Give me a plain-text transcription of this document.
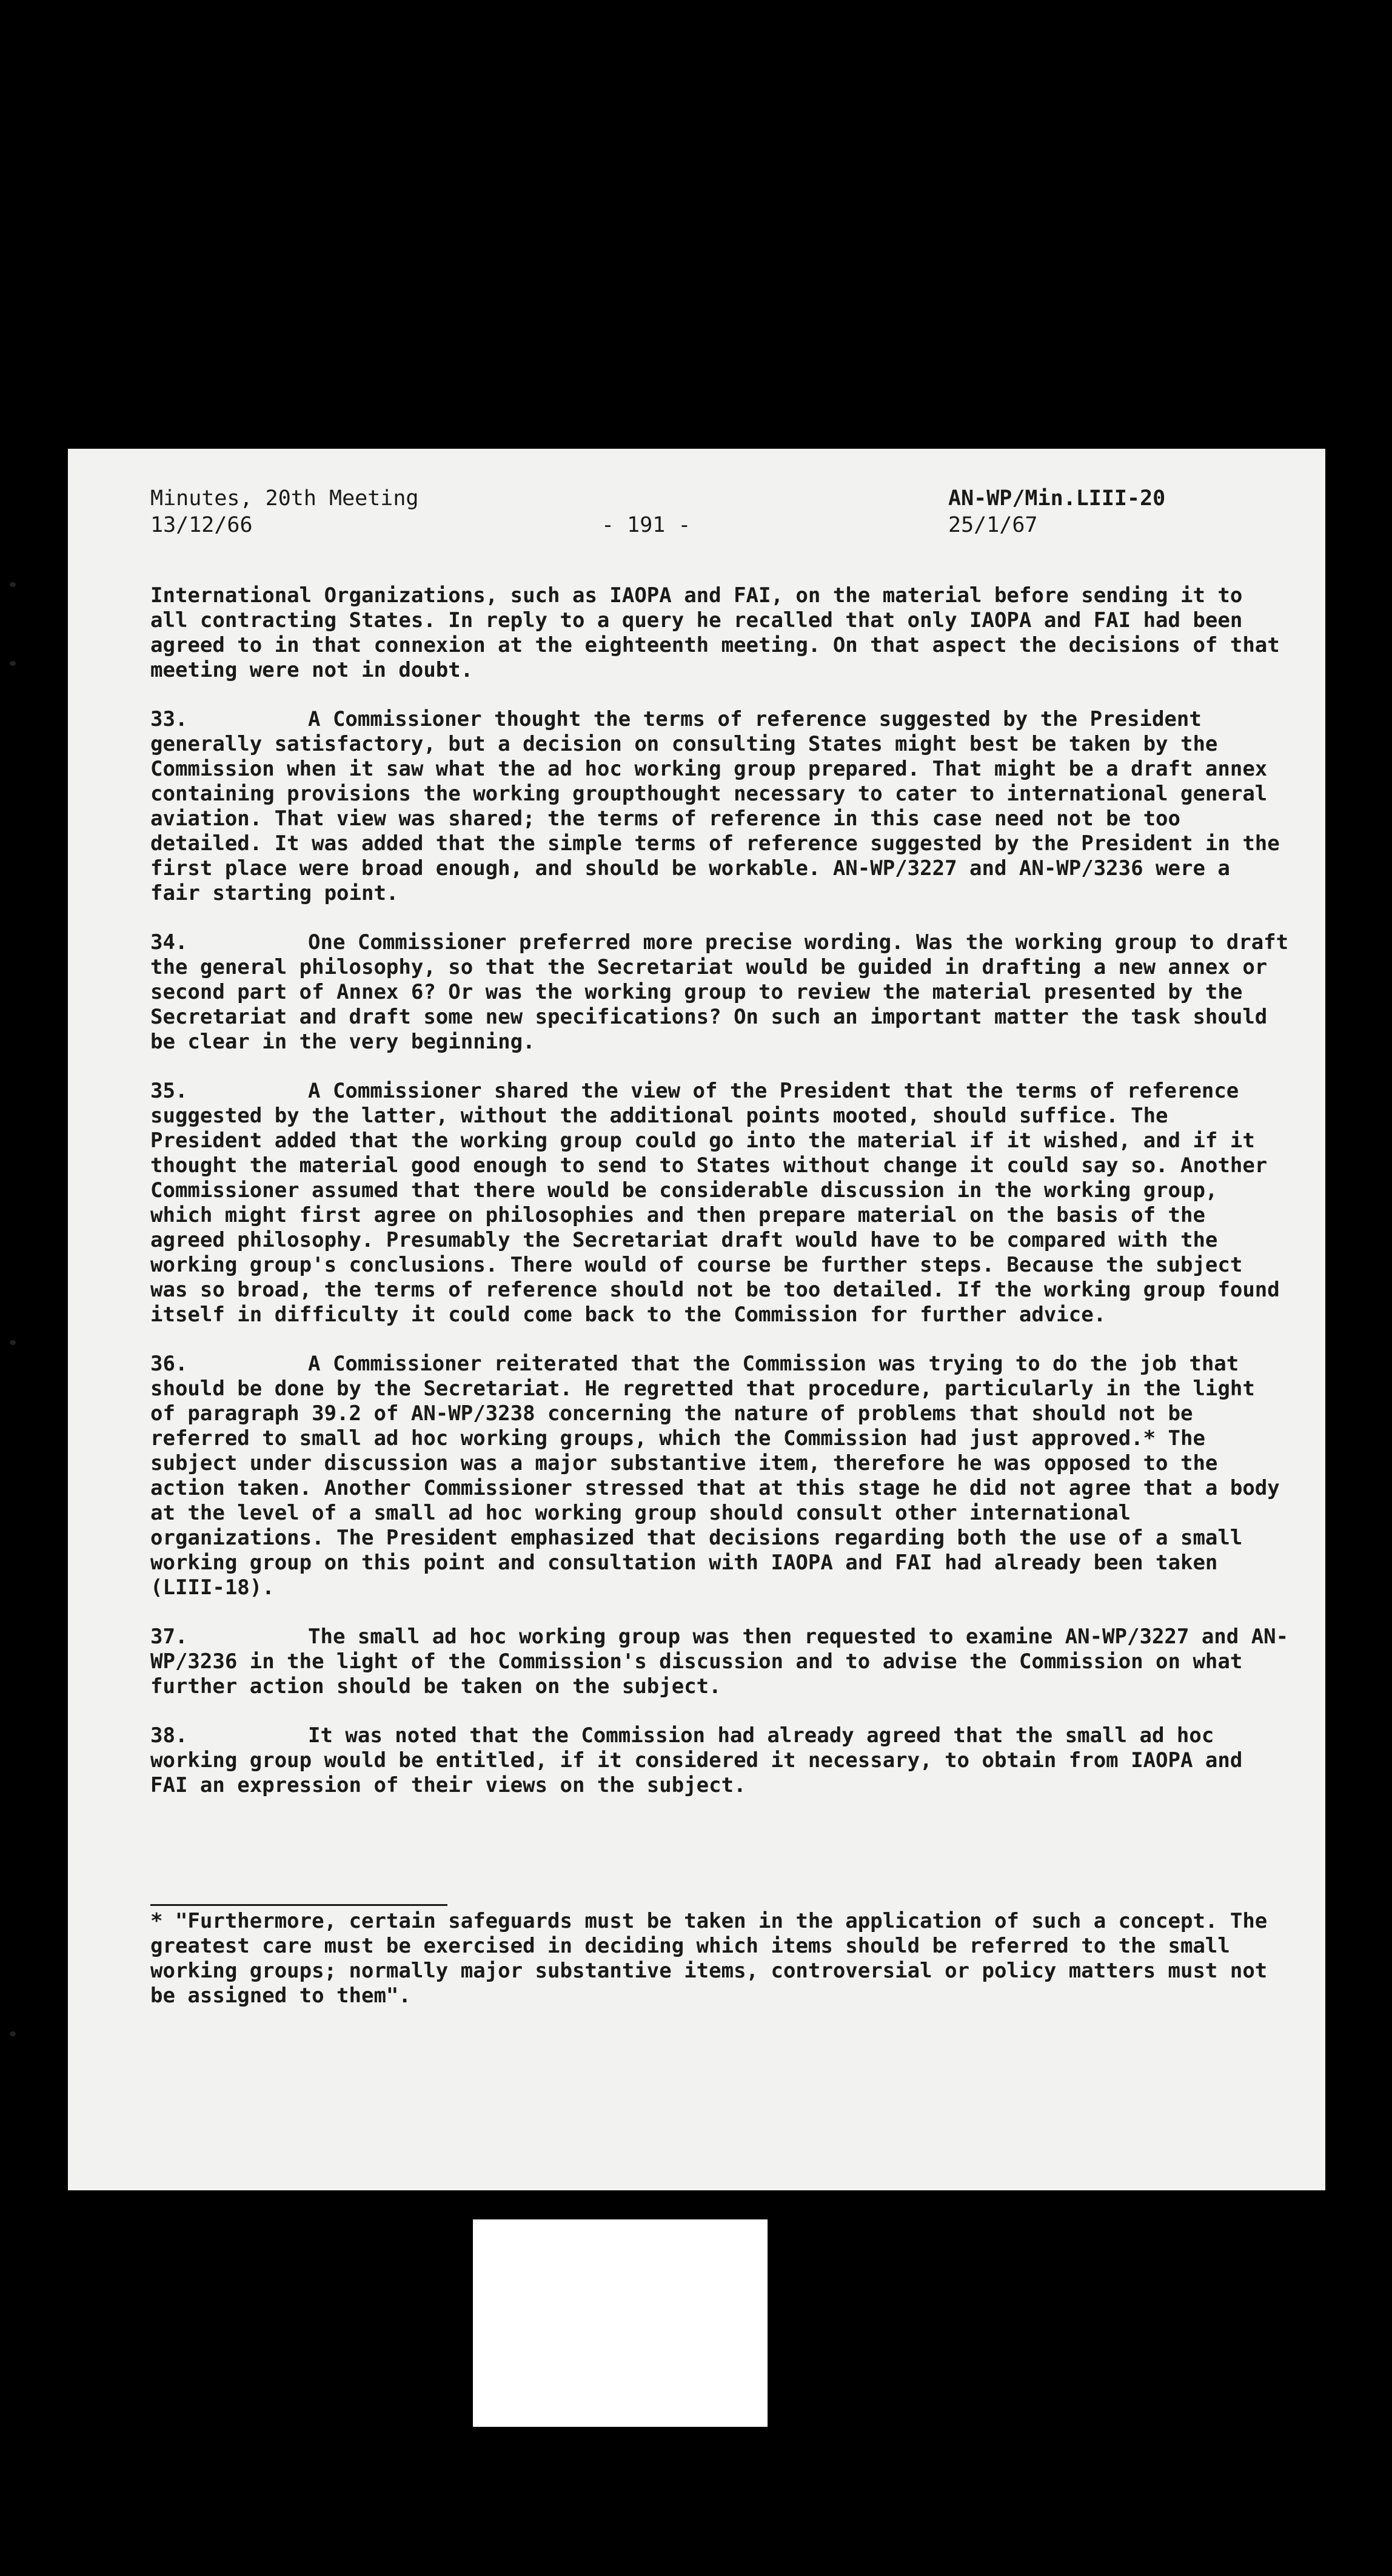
Minutes, 20th Meeting
13/12/66	- 191 -
AN-WP/Min.LIII-20
25/1/67

International Organizations, such as IAOPA and FAI, on the material before sending it to all contracting States. In reply to a query he recalled that only IAOPA and FAI had been agreed to in that connexion at the eighteenth meeting. On that aspect the decisions of that meeting were not in doubt.

33.	A Commissioner thought the terms of reference suggested by the President generally satisfactory, but a decision on consulting States might best be taken by the Commission when it saw what the ad hoc working group prepared. That might be a draft annex containing provisions the working groupthought necessary to cater to international general aviation. That view was shared; the terms of reference in this case need not be too detailed. It was added that the simple terms of reference suggested by the President in the first place were broad enough, and should be workable. AN-WP/3227 and AN-WP/3236 were a fair starting point.

34.	One Commissioner preferred more precise wording. Was the working group to draft the general philosophy, so that the Secretariat would be guided in drafting a new annex or second part of Annex 6? Or was the working group to review the material presented by the Secretariat and draft some new specifications? On such an important matter the task should be clear in the very beginning.

35.	A Commissioner shared the view of the President that the terms of reference suggested by the latter, without the additional points mooted, should suffice. The President added that the working group could go into the material if it wished, and if it thought the material good enough to send to States without change it could say so. Another Commissioner assumed that there would be considerable discussion in the working group, which might first agree on philosophies and then prepare material on the basis of the agreed philosophy. Presumably the Secretariat draft would have to be compared with the working group's conclusions. There would of course be further steps. Because the subject was so broad, the terms of reference should not be too detailed. If the working group found itself in difficulty it could come back to the Commission for further advice.

36.	A Commissioner reiterated that the Commission was trying to do the job that should be done by the Secretariat. He regretted that procedure, particularly in the light of paragraph 39.2 of AN-WP/3238 concerning the nature of problems that should not be referred to small ad hoc working groups, which the Commission had just approved.* The subject under discussion was a major substantive item, therefore he was opposed to the action taken. Another Commissioner stressed that at this stage he did not agree that a body at the level of a small ad hoc working group should consult other international organizations. The President emphasized that decisions regarding both the use of a small working group on this point and consultation with IAOPA and FAI had already been taken (LIII-18).

37.	The small ad hoc working group was then requested to examine AN-WP/3227 and AN-WP/3236 in the light of the Commission's discussion and to advise the Commission on what further action should be taken on the subject.

38.	It was noted that the Commission had already agreed that the small ad hoc working group would be entitled, if it considered it necessary, to obtain from IAOPA and FAI an expression of their views on the subject.

* "Furthermore, certain safeguards must be taken in the application of such a concept. The greatest care must be exercised in deciding which items should be referred to the small working groups; normally major substantive items, controversial or policy matters must not be assigned to them".
